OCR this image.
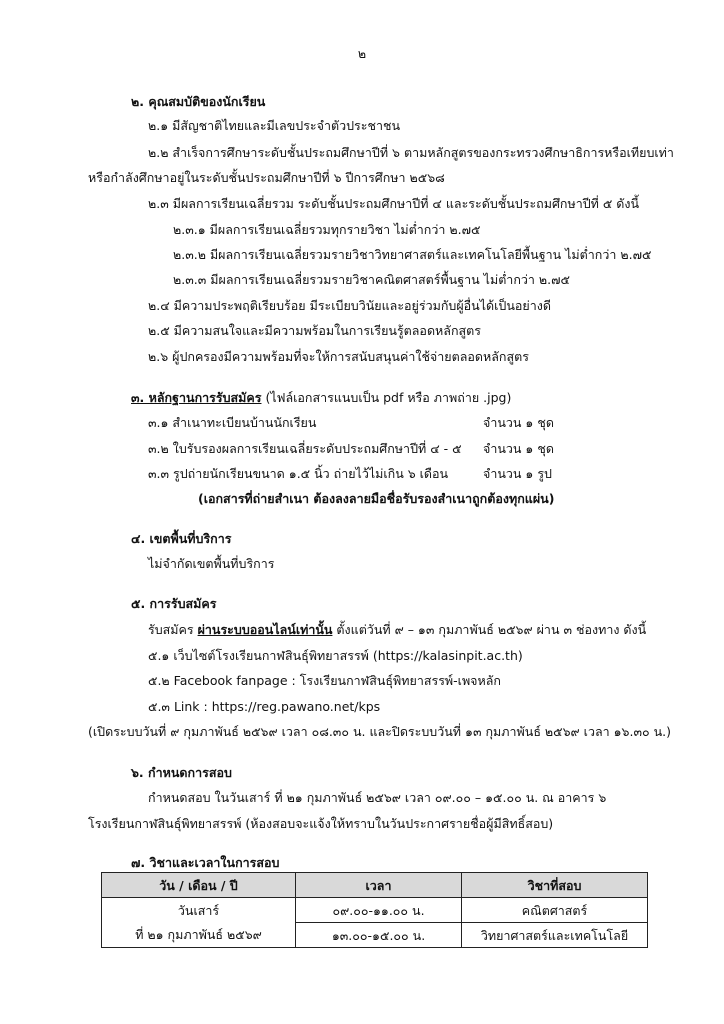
๒
๒. คุณสมบัติของนักเรียน
๒.๑ มีสัญชาติไทยและมีเลขประจำตัวประชาชน
๒.๒ สำเร็จการศึกษาระดับชั้นประถมศึกษาปีที่ ๖ ตามหลักสูตรของกระทรวงศึกษาธิการหรือเทียบเท่า
หรือกำลังศึกษาอยู่ในระดับชั้นประถมศึกษาปีที่ ๖ ปีการศึกษา ๒๕๖๘
๒.๓ มีผลการเรียนเฉลี่ยรวม ระดับชั้นประถมศึกษาปีที่ ๔ และระดับชั้นประถมศึกษาปีที่ ๕ ดังนี้
๒.๓.๑ มีผลการเรียนเฉลี่ยรวมทุกรายวิชา ไม่ต่ำกว่า ๒.๗๕
๒.๓.๒ มีผลการเรียนเฉลี่ยรวมรายวิชาวิทยาศาสตร์และเทคโนโลยีพื้นฐาน ไม่ต่ำกว่า ๒.๗๕
๒.๓.๓ มีผลการเรียนเฉลี่ยรวมรายวิชาคณิตศาสตร์พื้นฐาน ไม่ต่ำกว่า ๒.๗๕
๒.๔ มีความประพฤติเรียบร้อย มีระเบียบวินัยและอยู่ร่วมกับผู้อื่นได้เป็นอย่างดี
๒.๕ มีความสนใจและมีความพร้อมในการเรียนรู้ตลอดหลักสูตร
๒.๖ ผู้ปกครองมีความพร้อมที่จะให้การสนับสนุนค่าใช้จ่ายตลอดหลักสูตร
๓. หลักฐานการรับสมัคร (ไฟล์เอกสารแนบเป็น pdf หรือ ภาพถ่าย .jpg)
๓.๑ สำเนาทะเบียนบ้านนักเรียน	จำนวน ๑ ชุด
๓.๒ ใบรับรองผลการเรียนเฉลี่ยระดับประถมศึกษาปีที่ ๔ - ๕ จำนวน ๑ ชุด
๓.๓ รูปถ่ายนักเรียนขนาด ๑.๕ นิ้ว ถ่ายไว้ไม่เกิน ๖ เดือน	จำนวน ๑ รูป
(เอกสารที่ถ่ายสำเนา ต้องลงลายมือชื่อรับรองสำเนาถูกต้องทุกแผ่น)
๔. เขตพื้นที่บริการ
ไม่จำกัดเขตพื้นที่บริการ
๕. การรับสมัคร
รับสมัคร ผ่านระบบออนไลน์เท่านั้น ตั้งแต่วันที่ ๙ – ๑๓ กุมภาพันธ์ ๒๕๖๙ ผ่าน ๓ ช่องทาง ดังนี้
๕.๑ เว็บไซต์โรงเรียนกาฬสินธุ์พิทยาสรรพ์ (https://kalasinpit.ac.th)
๕.๒ Facebook fanpage : โรงเรียนกาฬสินธุ์พิทยาสรรพ์-เพจหลัก
๕.๓ Link : https://reg.pawano.net/kps
(เปิดระบบวันที่ ๙ กุมภาพันธ์ ๒๕๖๙ เวลา ๐๘.๓๐ น. และปิดระบบวันที่ ๑๓ กุมภาพันธ์ ๒๕๖๙ เวลา ๑๖.๓๐ น.)
๖. กำหนดการสอบ
กำหนดสอบ ในวันเสาร์ ที่ ๒๑ กุมภาพันธ์ ๒๕๖๙ เวลา ๐๙.๐๐ – ๑๕.๐๐ น. ณ อาคาร ๖
โรงเรียนกาฬสินธุ์พิทยาสรรพ์ (ห้องสอบจะแจ้งให้ทราบในวันประกาศรายชื่อผู้มีสิทธิ์สอบ)
๗. วิชาและเวลาในการสอบ
วัน / เดือน / ปี	เวลา	วิชาที่สอบ
วันเสาร์	๐๙.๐๐-๑๑.๐๐ น.	คณิตศาสตร์
ที่ ๒๑ กุมภาพันธ์ ๒๕๖๙	๑๓.๐๐-๑๕.๐๐ น.	วิทยาศาสตร์และเทคโนโลยี
